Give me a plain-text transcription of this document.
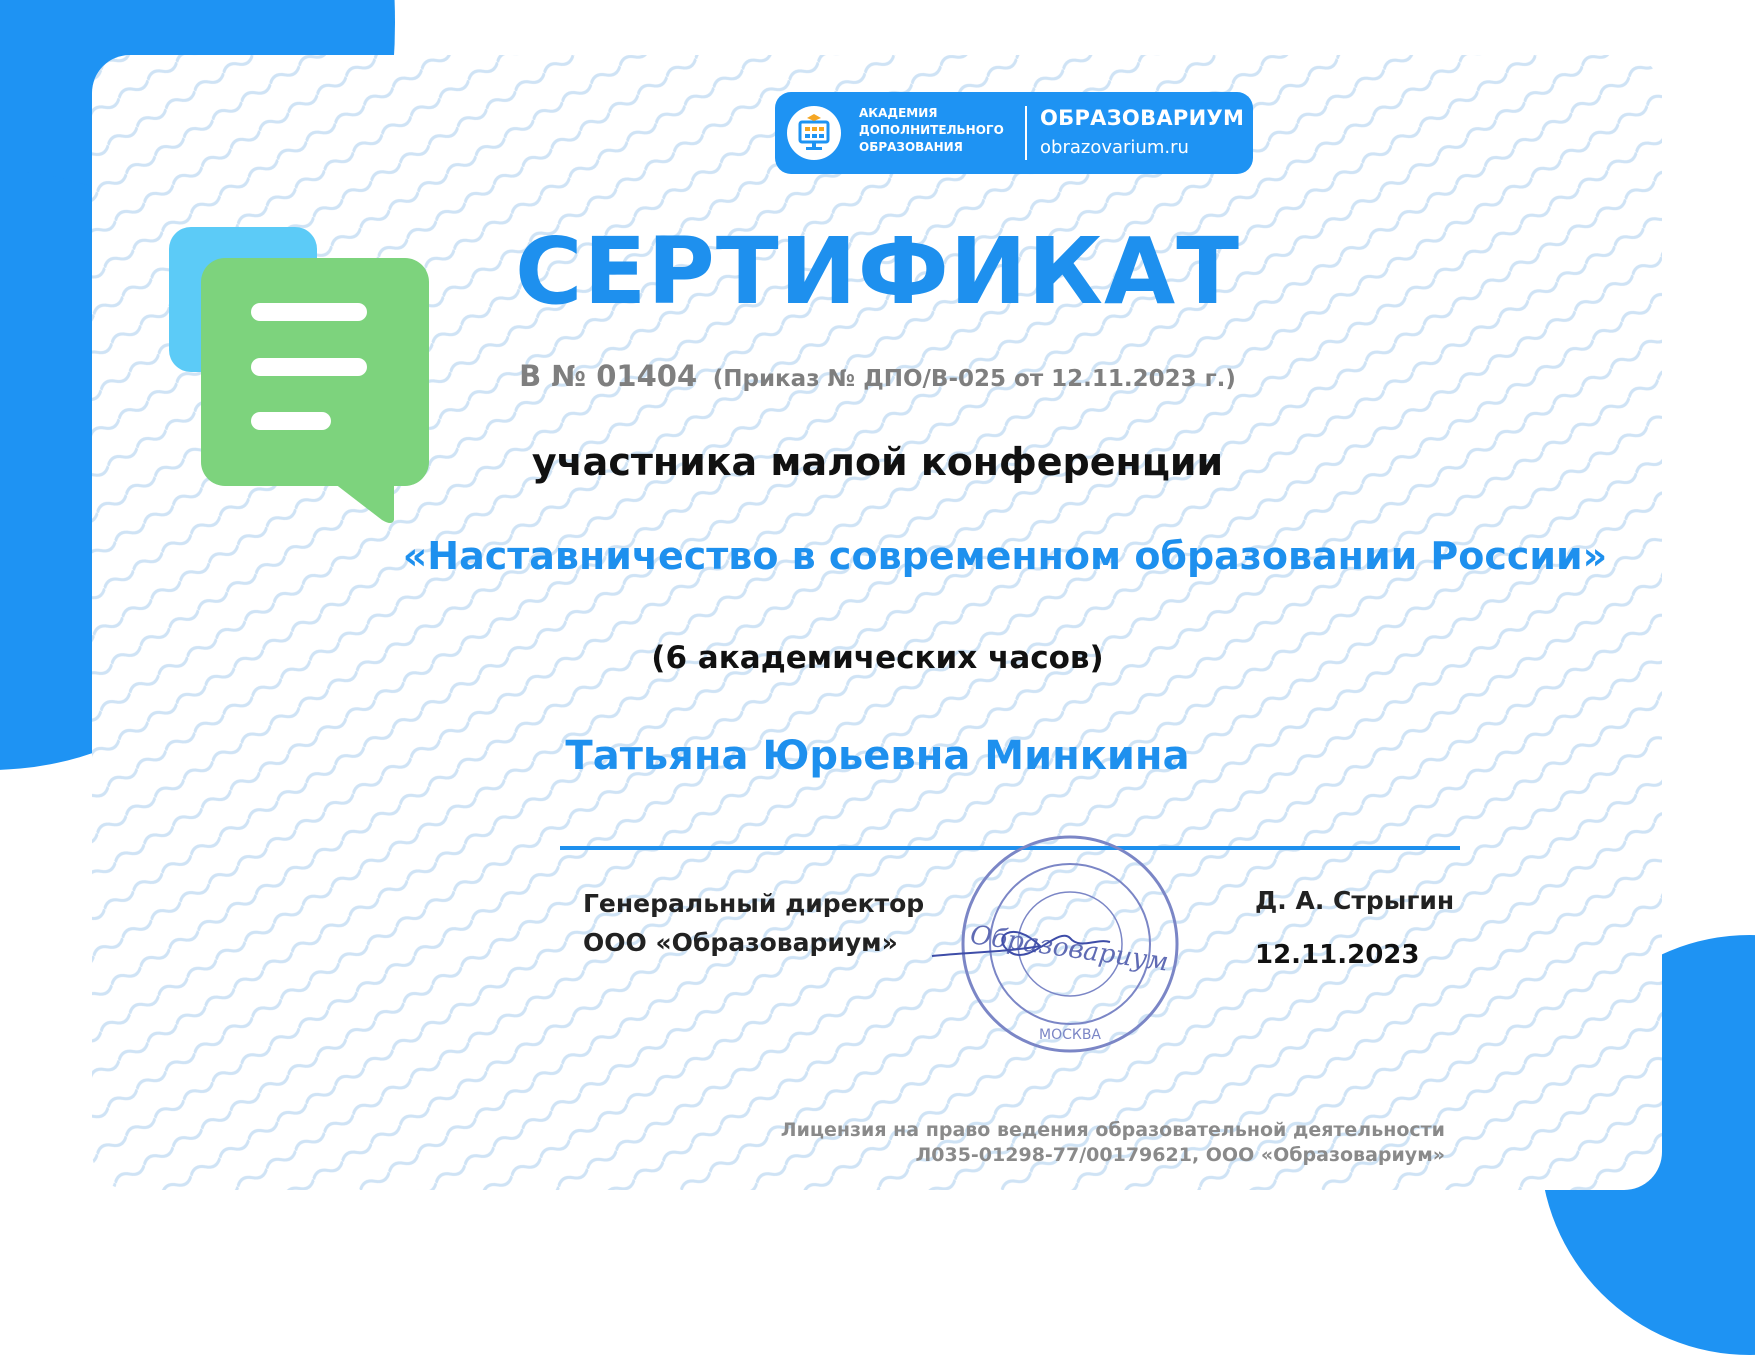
АКАДЕМИЯ
ДОПОЛНИТЕЛЬНОГО
ОБРАЗОВАНИЯ
ОБРАЗОВАРИУМ
obrazovarium.ru
СЕРТИФИКАТ
В № 01404 (Приказ № ДПО/В-025 от 12.11.2023 г.)
участника малой конференции
«Наставничество в современном образовании России»
(6 академических часов)
Татьяна Юрьевна Минкина
Генеральный директор
ООО «Образовариум»	Образовариум
МОСКВА
Д. А. Стрыгин
12.11.2023
Лицензия на право ведения образовательной деятельности
Л035-01298-77/00179621, ООО «Образовариум»
